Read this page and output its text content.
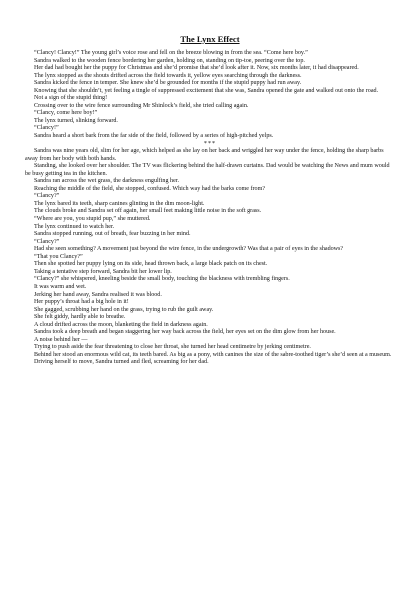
The Lynx Effect

“Clancy! Clancy!” The young girl’s voice rose and fell on the breeze blowing in from the sea. “Come here boy.”

Sandra walked to the wooden fence bordering her garden, holding on, standing on tip-toe, peering over the top.

Her dad had bought her the puppy for Christmas and she’d promise that she’d look after it. Now, six months later, it had disappeared.

The lynx stopped as the shouts drifted across the field towards it, yellow eyes searching through the darkness.

Sandra kicked the fence in temper. She knew she’d be grounded for months if the stupid puppy had run away.

Knowing that she shouldn’t, yet feeling a tingle of suppressed excitement that she was, Sandra opened the gate and walked out onto the road.

Not a sign of the stupid thing!

Crossing over to the wire fence surrounding Mr Shinlock’s field, she tried calling again.

“Clancy, come here boy!”

The lynx turned, slinking forward.

“Clancy!”

Sandra heard a short bark from the far side of the field, followed by a series of high-pitched yelps.

***

Sandra was nine years old, slim for her age, which helped as she lay on her back and wriggled her way under the fence, holding the sharp barbs away from her body with both hands.

Standing, she looked over her shoulder. The TV was flickering behind the half-drawn curtains. Dad would be watching the News and mum would be busy getting tea in the kitchen.

Sandra ran across the wet grass, the darkness engulfing her.

Reaching the middle of the field, she stopped, confused. Which way had the barks come from?

“Clancy?”

The lynx bared its teeth, sharp canines glinting in the dim moon-light.

The clouds broke and Sandra set off again, her small feet making little noise in the soft grass.

“Where are you, you stupid pup,” she muttered.

The lynx continued to watch her.

Sandra stopped running, out of breath, fear buzzing in her mind.

“Clancy?”

Had she seen something? A movement just beyond the wire fence, in the undergrowth? Was that a pair of eyes in the shadows?

“That you Clancy?”

Then she spotted her puppy lying on its side, head thrown back, a large black patch on its chest.

Taking a tentative step forward, Sandra bit her lower lip.

“Clancy?” she whispered, kneeling beside the small body, touching the blackness with trembling fingers.

It was warm and wet.

Jerking her hand away, Sandra realised it was blood.

Her puppy’s throat had a big hole in it!

She gagged, scrubbing her hand on the grass, trying to rub the guilt away.

She felt giddy, hardly able to breathe.

A cloud drifted across the moon, blanketing the field in darkness again.

Sandra took a deep breath and began staggering her way back across the field, her eyes set on the dim glow from her house.

A noise behind her —

Trying to push aside the fear threatening to close her throat, she turned her head centimetre by jerking centimetre.

Behind her stood an enormous wild cat, its teeth bared. As big as a pony, with canines the size of the sabre-toothed tiger’s she’d seen at a museum.

Driving herself to move, Sandra turned and fled, screaming for her dad.
